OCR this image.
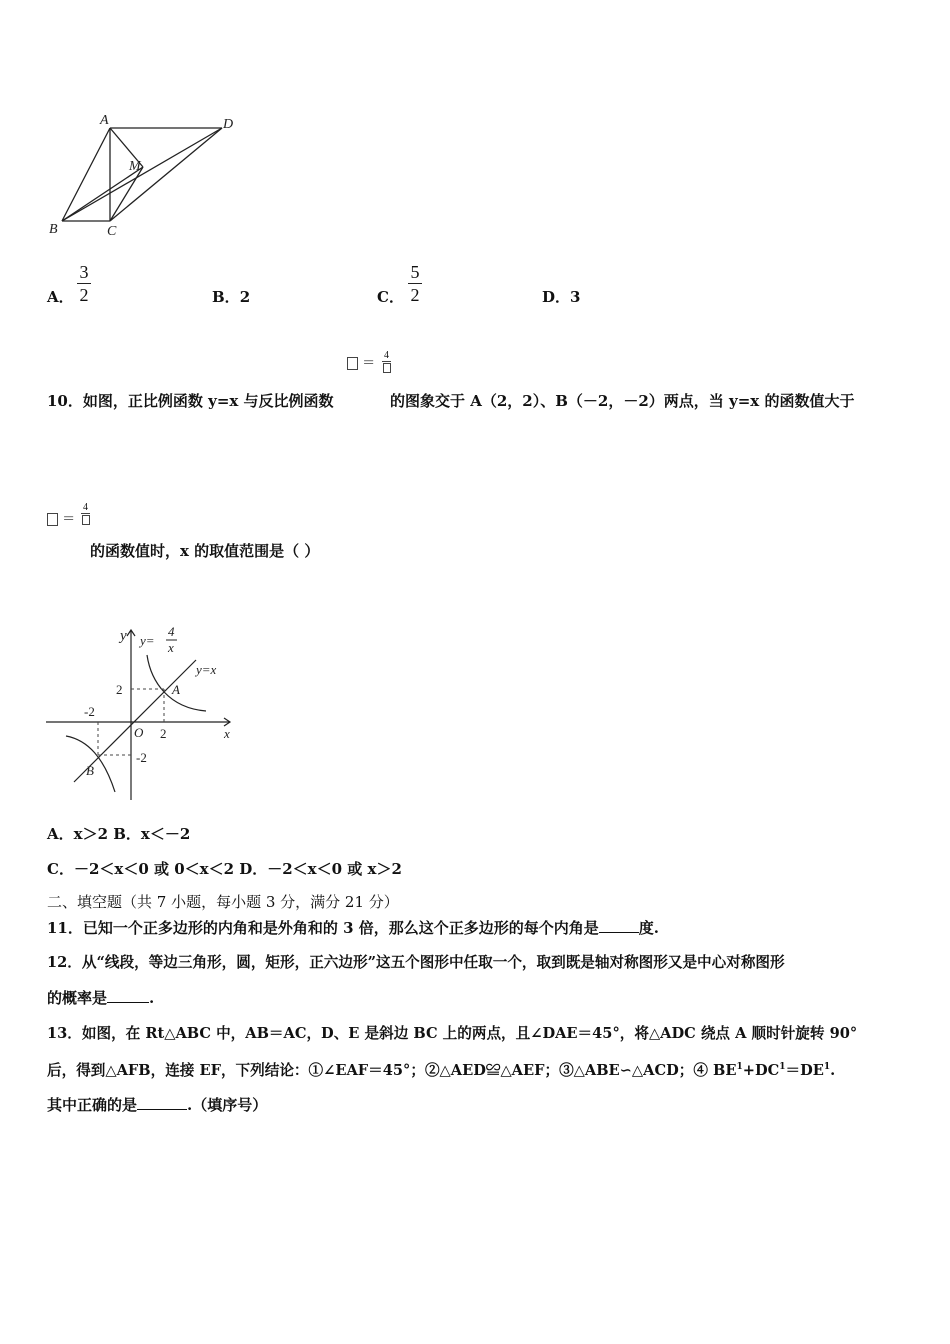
A	D
M
B	C
A．
3
2	B．2	C．
5
2	D．3
＝
4
10．如图，正比例函数 y=x 与反比例函数	的图象交于 A（2，2）、B（－2，－2）两点，当 y=x 的函数值大于
＝
4
的函数值时，x 的取值范围是（ ）
y
x
O
y=
4
x
y=x
A
B
2
2
-2
-2
A．x＞2 B．x＜－2
C．－2＜x＜0 或 0＜x＜2 D．－2＜x＜0 或 x＞2
二、填空题（共 7 小题，每小题 3 分，满分 21 分）
11．已知一个正多边形的内角和是外角和的 3 倍，那么这个正多边形的每个内角是	度.
12．从“线段，等边三角形，圆，矩形，正六边形”这五个图形中任取一个，取到既是轴对称图形又是中心对称图形
的概率是	.
13．如图，在 Rt△ABC 中，AB＝AC，D、E 是斜边 BC 上的两点，且∠DAE＝45°，将△ADC 绕点 A 顺时针旋转 90°
后，得到△AFB，连接 EF，下列结论：①∠EAF＝45°；②△AED≌△AEF；③△ABE∽△ACD；④ $BE^1+DC^1=DE^1$.
其中正确的是	.（填序号）
